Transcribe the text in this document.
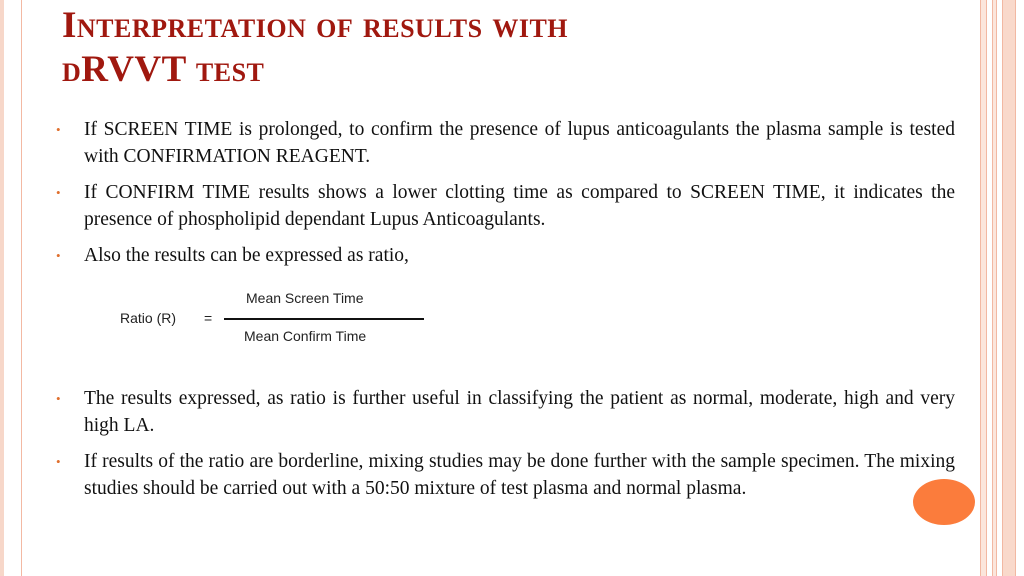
Interpretation of results with
dRVVT test
• If SCREEN TIME is prolonged, to confirm the presence of lupus anticoagulants the plasma sample is tested with CONFIRMATION REAGENT.
• If CONFIRM TIME results shows a lower clotting time as compared to SCREEN TIME, it indicates the presence of phospholipid dependant Lupus Anticoagulants.
• Also the results can be expressed as ratio,
Ratio (R) =
Mean Screen Time
Mean Confirm Time
• The results expressed, as ratio is further useful in classifying the patient as normal, moderate, high and very high LA.
• If results of the ratio are borderline, mixing studies may be done further with the sample specimen. The mixing studies should be carried out with a 50:50 mixture of test plasma and normal plasma.
